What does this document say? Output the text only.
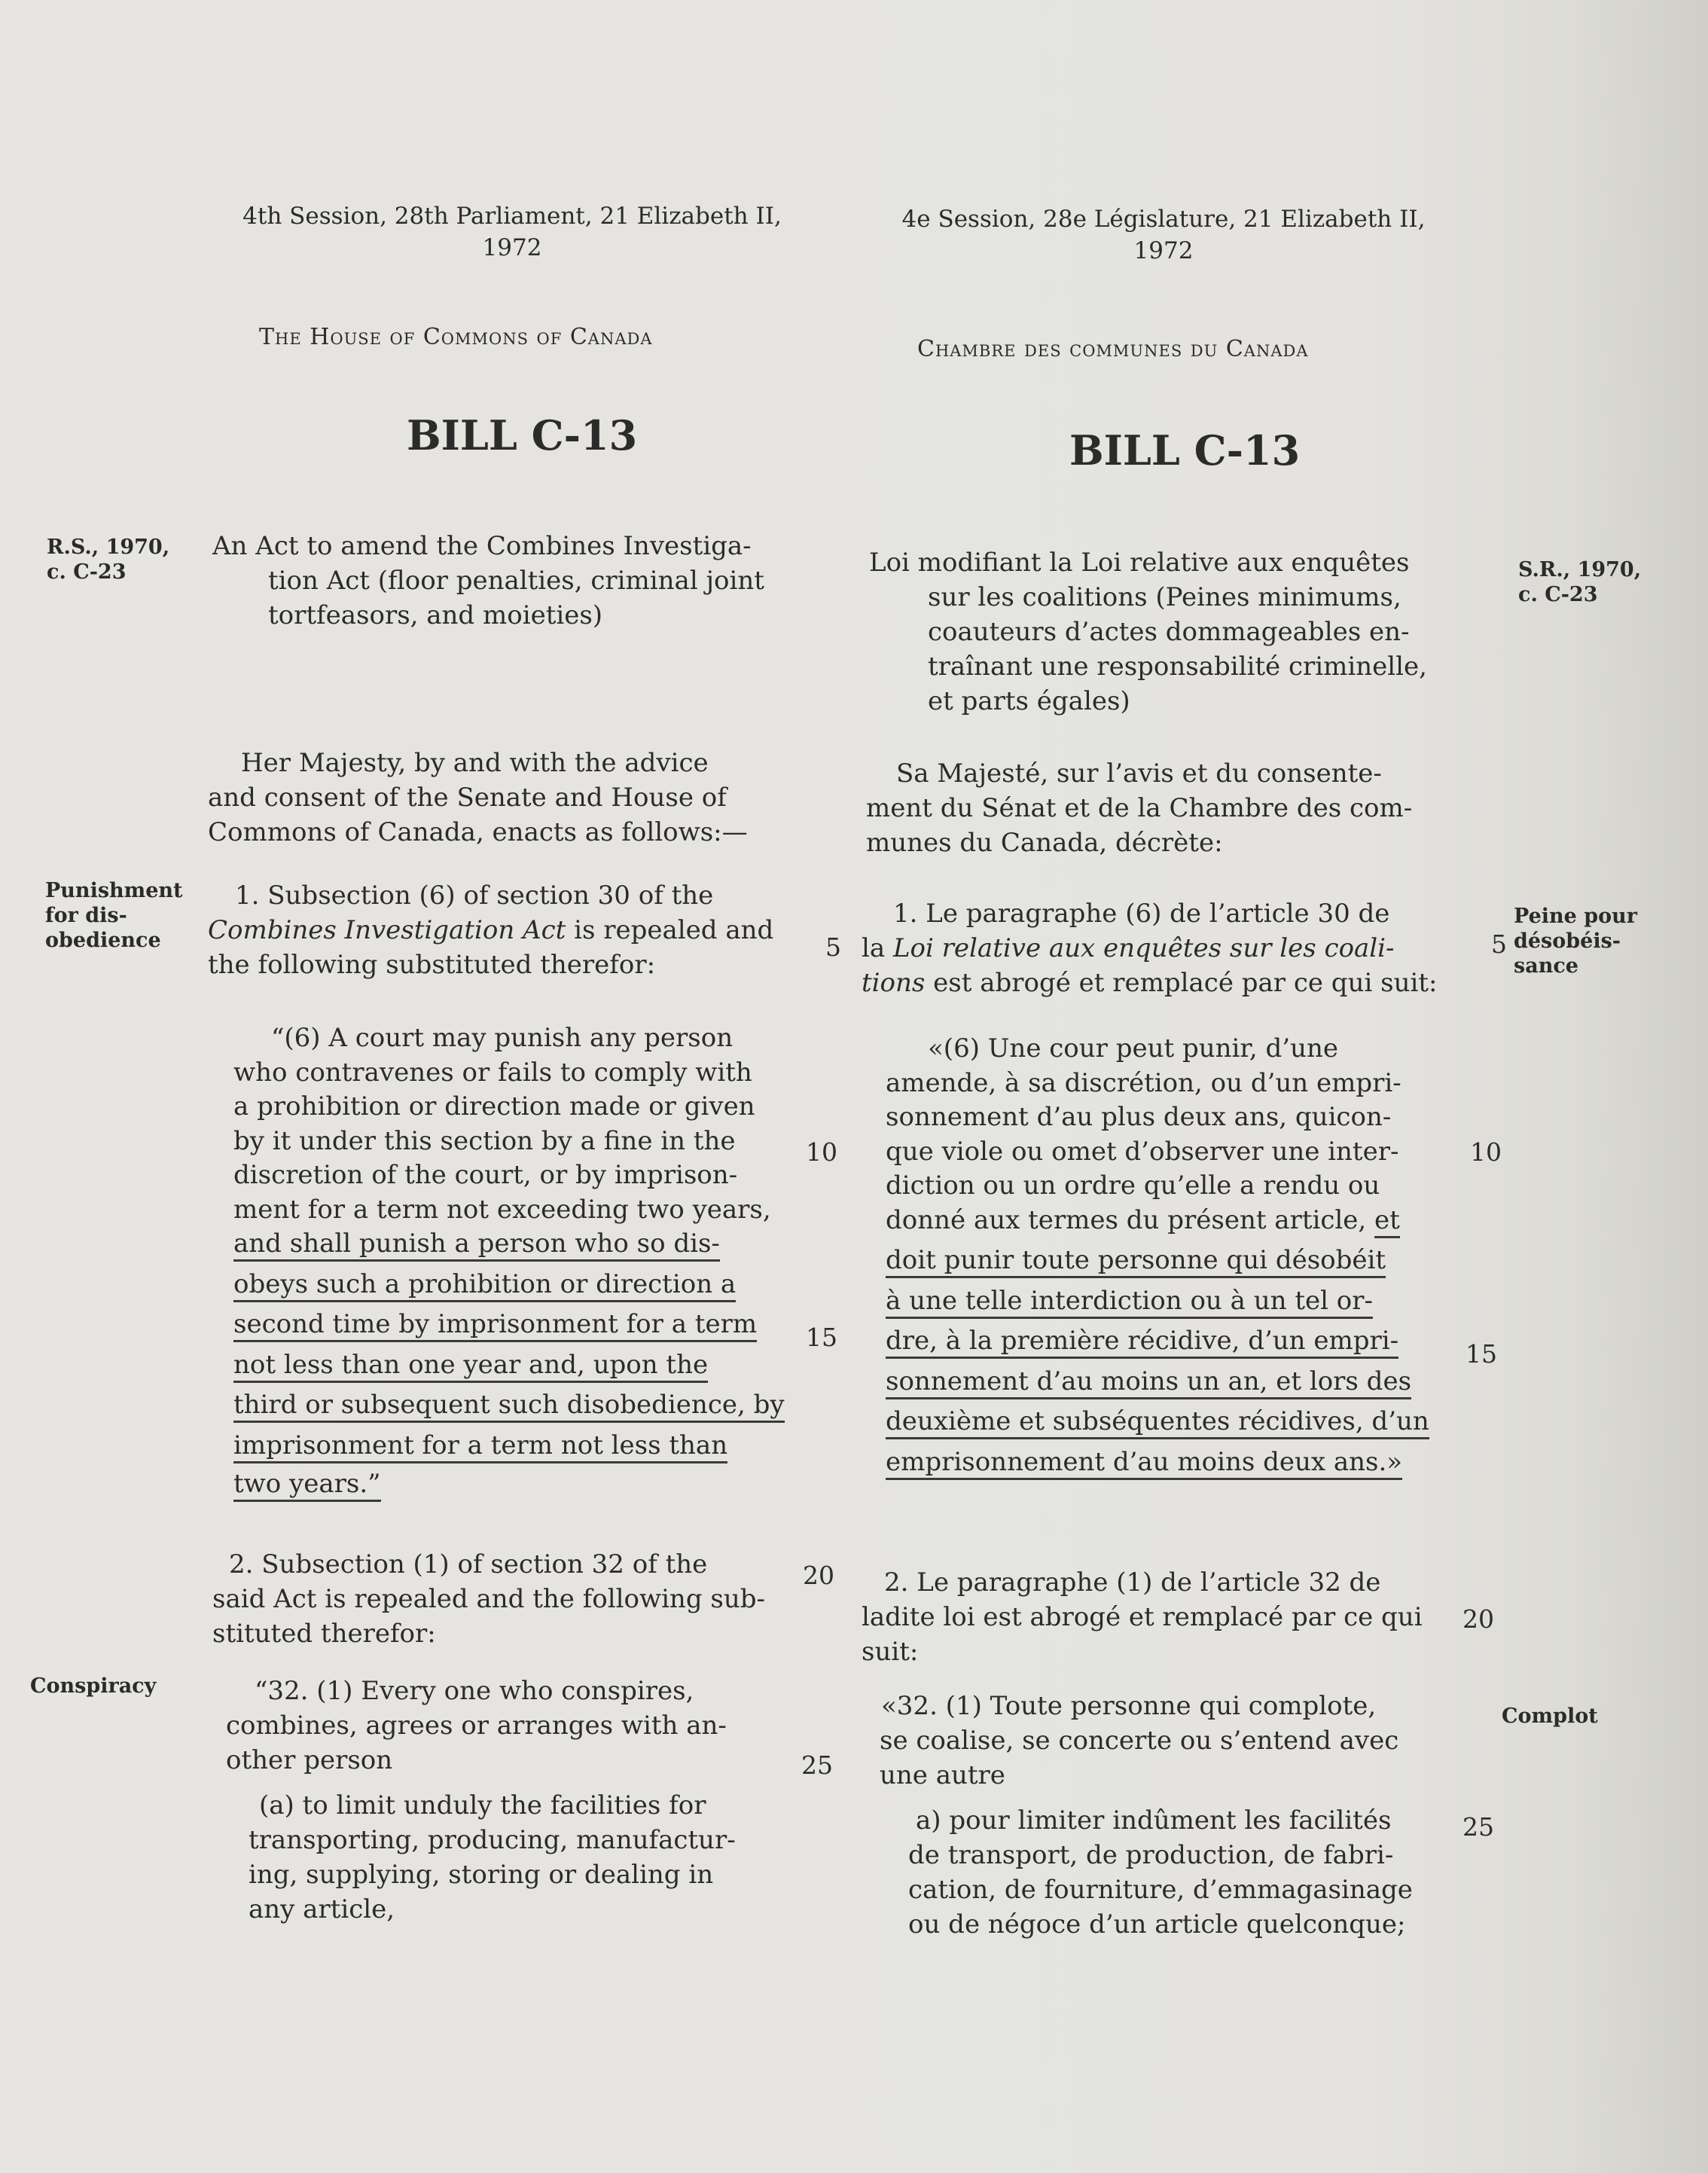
4th Session, 28th Parliament, 21 Elizabeth II,
1972
4e Session, 28e Législature, 21 Elizabeth II,
1972
The House of Commons of Canada	Chambre des communes du Canada
BILL C-13	BILL C-13
R.S., 1970,
c. C-23
Punishment
for dis-
obedience
Conspiracy
S.R., 1970,
c. C-23
Peine pour
désobéis-
sance
Complot
5
10
15
20
25
5
10
15
20
25

An Act to amend the Combines Investiga-

tion Act (floor penalties, criminal joint

tortfeasors, and moieties)

Her Majesty, by and with the advice

and consent of the Senate and House of

Commons of Canada, enacts as follows:—

1. Subsection (6) of section 30 of the

Combines Investigation Act is repealed and

the following substituted therefor:

“(6) A court may punish any person

who contravenes or fails to comply with

a prohibition or direction made or given

by it under this section by a fine in the

discretion of the court, or by imprison-

ment for a term not exceeding two years,

and shall punish a person who so dis-

obeys such a prohibition or direction a

second time by imprisonment for a term

not less than one year and, upon the

third or subsequent such disobedience, by

imprisonment for a term not less than

two years.”

2. Subsection (1) of section 32 of the

said Act is repealed and the following sub-

stituted therefor:

“32. (1) Every one who conspires,

combines, agrees or arranges with an-

other person

(a) to limit unduly the facilities for

transporting, producing, manufactur-

ing, supplying, storing or dealing in

any article,

Loi modifiant la Loi relative aux enquêtes

sur les coalitions (Peines minimums,

coauteurs d’actes dommageables en-

traînant une responsabilité criminelle,

et parts égales)

Sa Majesté, sur l’avis et du consente-

ment du Sénat et de la Chambre des com-

munes du Canada, décrète:

1. Le paragraphe (6) de l’article 30 de

la Loi relative aux enquêtes sur les coali-

tions est abrogé et remplacé par ce qui suit:

«(6) Une cour peut punir, d’une

amende, à sa discrétion, ou d’un empri-

sonnement d’au plus deux ans, quicon-

que viole ou omet d’observer une inter-

diction ou un ordre qu’elle a rendu ou

donné aux termes du présent article, et

doit punir toute personne qui désobéit

à une telle interdiction ou à un tel or-

dre, à la première récidive, d’un empri-

sonnement d’au moins un an, et lors des

deuxième et subséquentes récidives, d’un

emprisonnement d’au moins deux ans.»

2. Le paragraphe (1) de l’article 32 de

ladite loi est abrogé et remplacé par ce qui

suit:

«32. (1) Toute personne qui complote,

se coalise, se concerte ou s’entend avec

une autre

a) pour limiter indûment les facilités

de transport, de production, de fabri-

cation, de fourniture, d’emmagasinage

ou de négoce d’un article quelconque;
